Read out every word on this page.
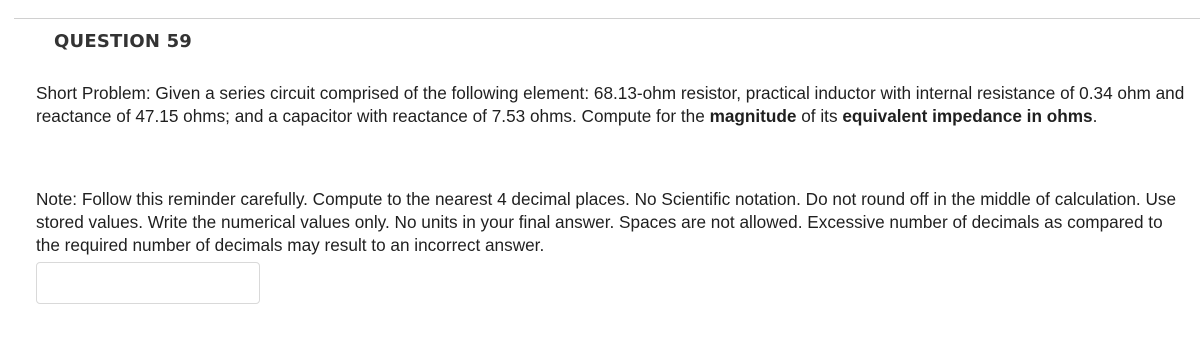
QUESTION 59

Short Problem: Given a series circuit comprised of the following element: 68.13-ohm resistor, practical inductor with internal resistance of 0.34 ohm and reactance of 47.15 ohms; and a capacitor with reactance of 7.53 ohms. Compute for the magnitude of its equivalent impedance in ohms.

Note: Follow this reminder carefully. Compute to the nearest 4 decimal places. No Scientific notation. Do not round off in the middle of calculation. Use stored values. Write the numerical values only. No units in your final answer. Spaces are not allowed. Excessive number of decimals as compared to the required number of decimals may result to an incorrect answer.
